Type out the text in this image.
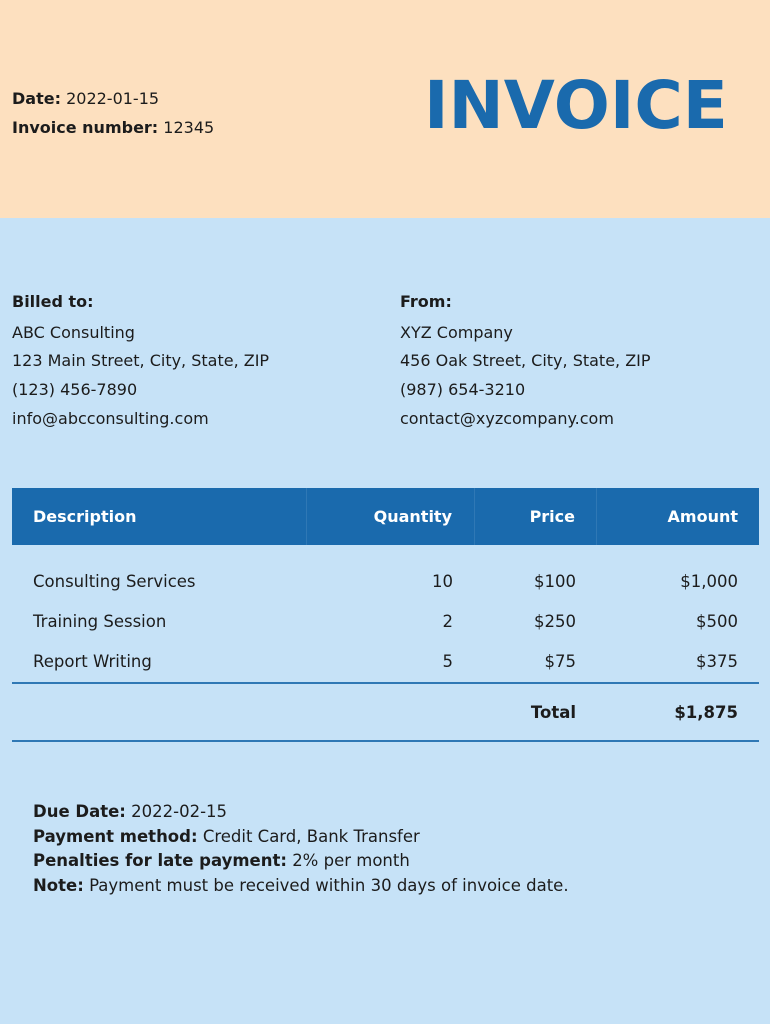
Date: 2022-01-15
Invoice number: 12345	INVOICE
Billed to:
ABC Consulting
123 Main Street, City, State, ZIP
(123) 456-7890
info@abcconsulting.com
From:
XYZ Company
456 Oak Street, City, State, ZIP
(987) 654-3210
contact@xyzcompany.com
Description	Quantity	Price	Amount
Consulting Services	10	$100	$1,000
Training Session	2	$250	$500
Report Writing	5	$75	$375
Total	$1,875
Due Date: 2022-02-15
Payment method: Credit Card, Bank Transfer
Penalties for late payment: 2% per month
Note: Payment must be received within 30 days of invoice date.
